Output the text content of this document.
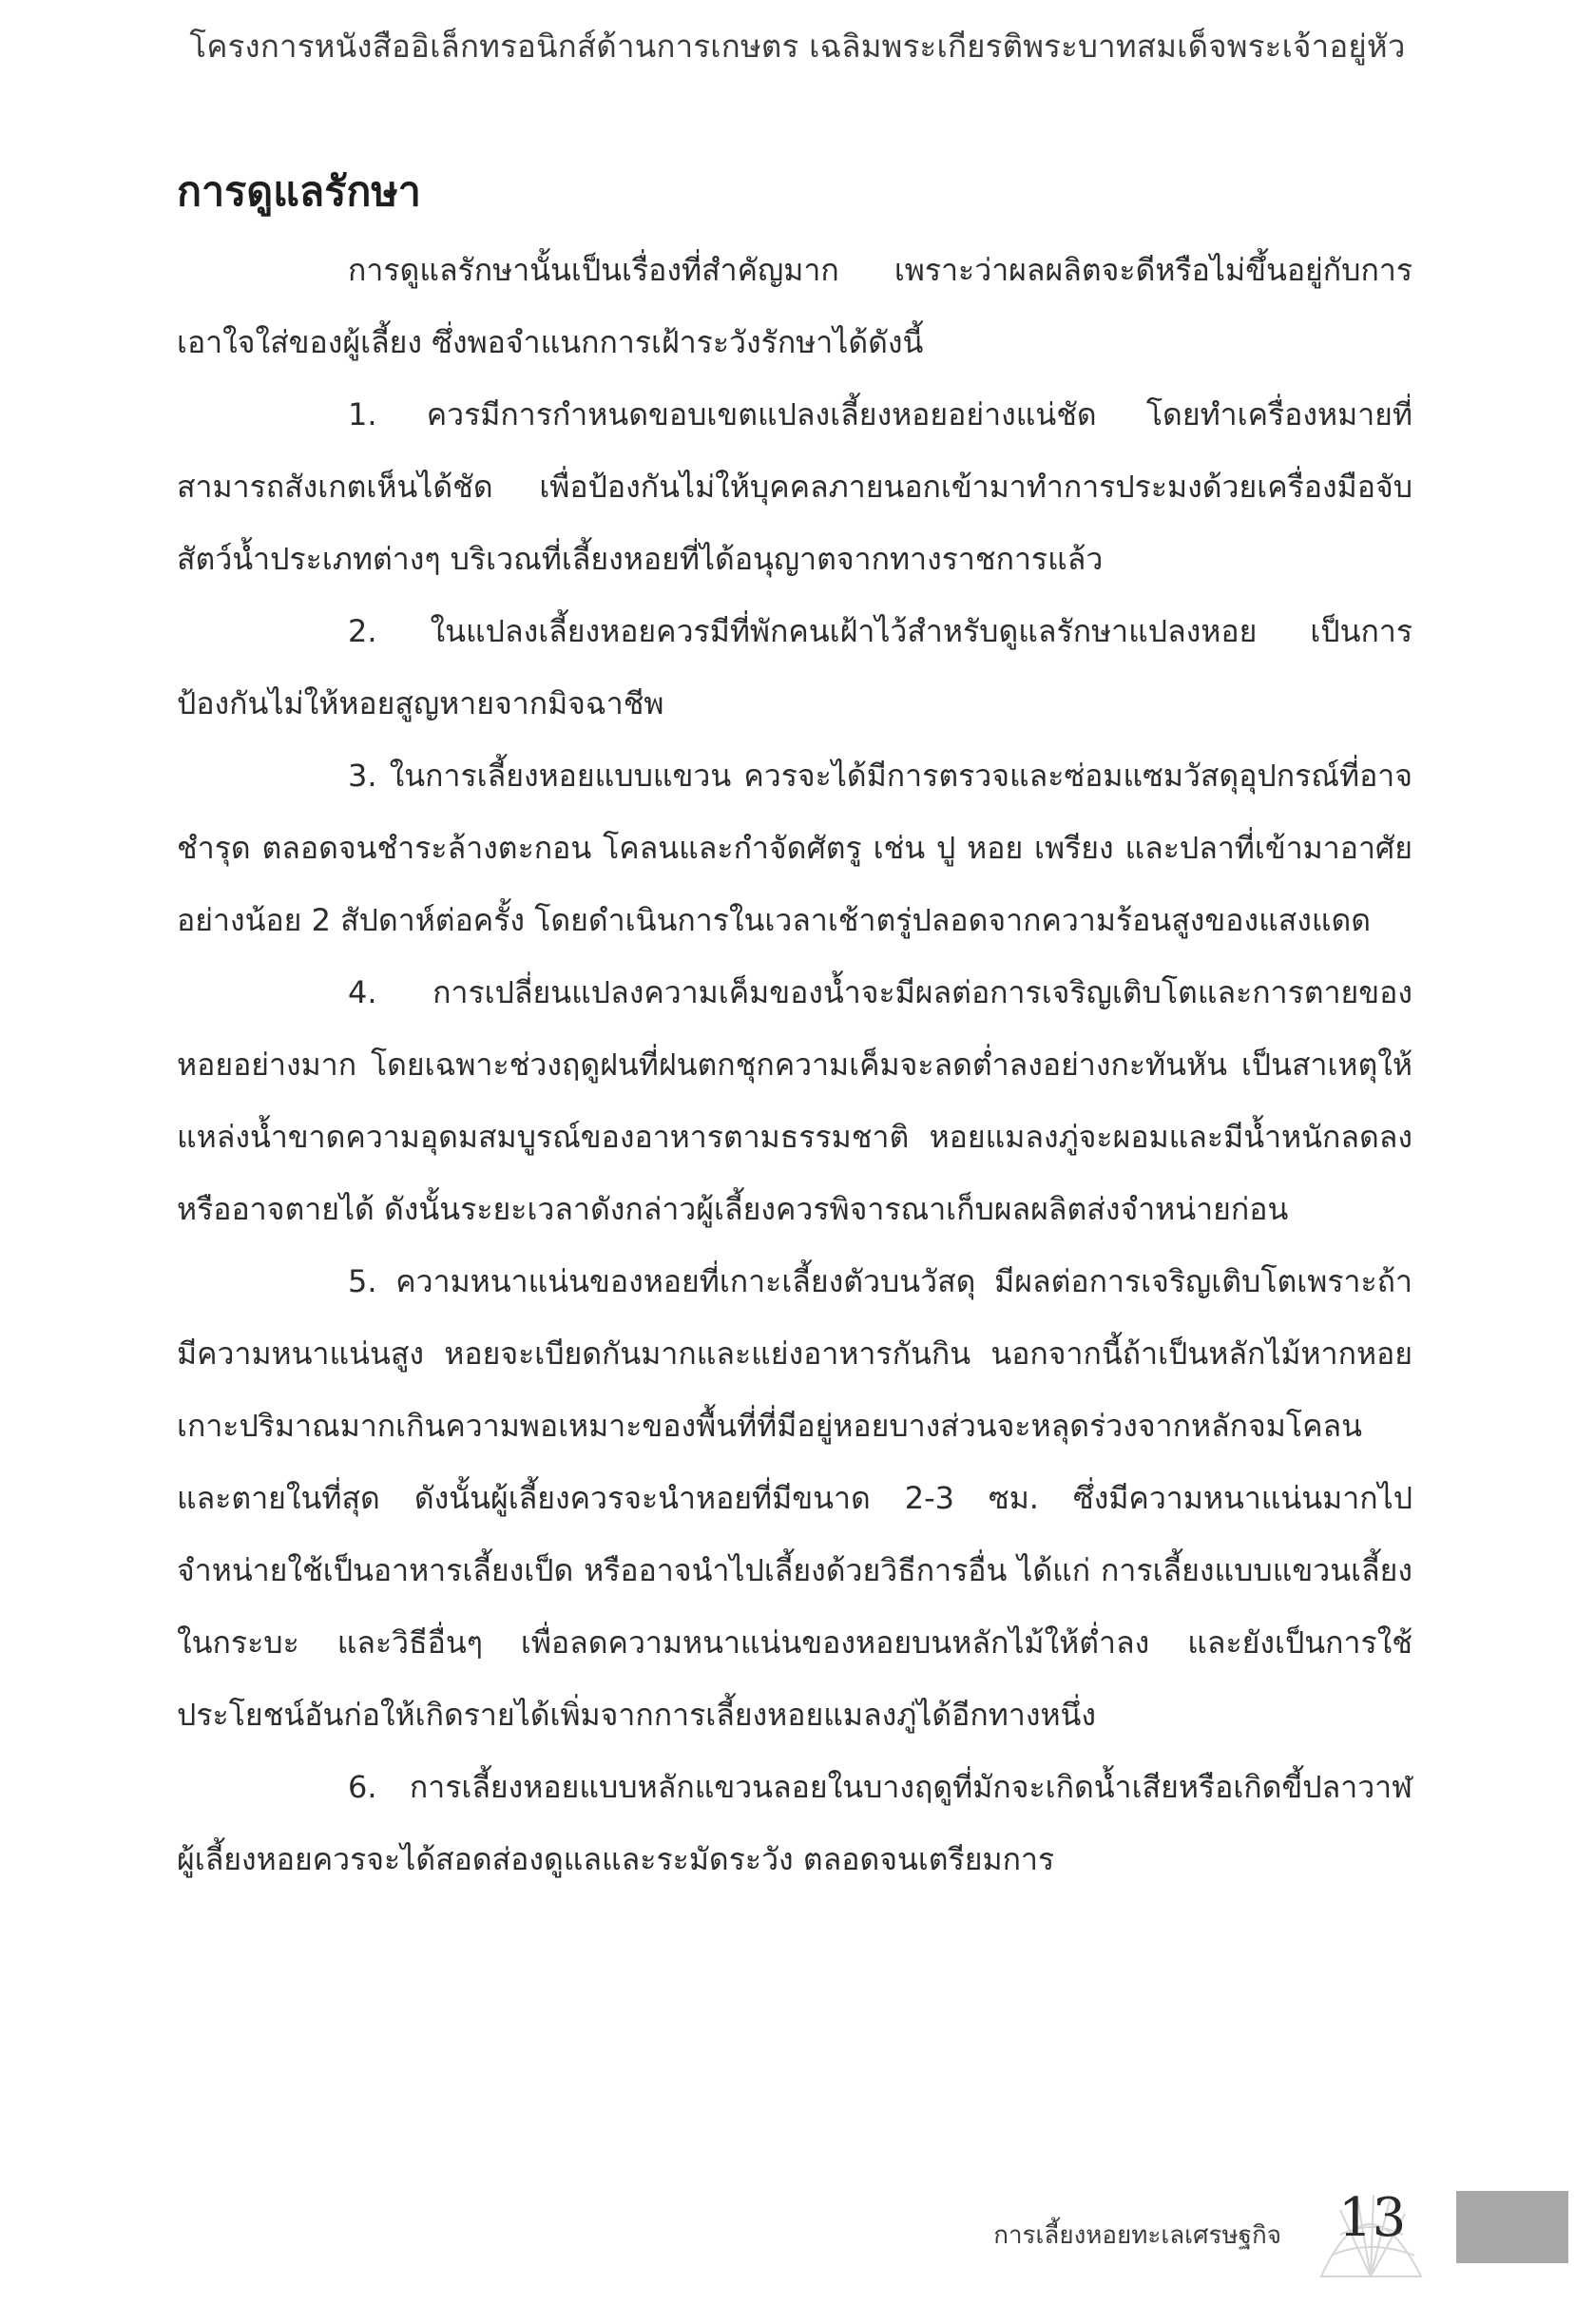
โครงการหนังสืออิเล็กทรอนิกส์ด้านการเกษตร เฉลิมพระเกียรติพระบาทสมเด็จพระเจ้าอยู่หัว
การดูแลรักษา

การดูแลรักษานั้นเป็นเรื่องที่สำคัญมาก เพราะว่าผลผลิตจะดีหรือไม่ขึ้นอยู่กับการเอาใจใส่ของผู้เลี้ยง ซึ่งพอจำแนกการเฝ้าระวังรักษาได้ดังนี้

1. ควรมีการกำหนดขอบเขตแปลงเลี้ยงหอยอย่างแน่ชัด โดยทำเครื่องหมายที่สามารถสังเกตเห็นได้ชัด เพื่อป้องกันไม่ให้บุคคลภายนอกเข้ามาทำการประมงด้วยเครื่องมือจับสัตว์น้ำประเภทต่างๆ บริเวณที่เลี้ยงหอยที่ได้อนุญาตจากทางราชการแล้ว

2. ในแปลงเลี้ยงหอยควรมีที่พักคนเฝ้าไว้สำหรับดูแลรักษาแปลงหอย เป็นการป้องกันไม่ให้หอยสูญหายจากมิจฉาชีพ

3. ในการเลี้ยงหอยแบบแขวน ควรจะได้มีการตรวจและซ่อมแซมวัสดุอุปกรณ์ที่อาจชำรุด ตลอดจนชำระล้างตะกอน โคลนและกำจัดศัตรู เช่น ปู หอย เพรียง และปลาที่เข้ามาอาศัยอย่างน้อย 2 สัปดาห์ต่อครั้ง โดยดำเนินการในเวลาเช้าตรู่ปลอดจากความร้อนสูงของแสงแดด

4. การเปลี่ยนแปลงความเค็มของน้ำจะมีผลต่อการเจริญเติบโตและการตายของหอยอย่างมาก โดยเฉพาะช่วงฤดูฝนที่ฝนตกชุกความเค็มจะลดต่ำลงอย่างกะทันหัน เป็นสาเหตุให้แหล่งน้ำขาดความอุดมสมบูรณ์ของอาหารตามธรรมชาติ หอยแมลงภู่จะผอมและมีน้ำหนักลดลงหรืออาจตายได้ ดังนั้นระยะเวลาดังกล่าวผู้เลี้ยงควรพิจารณาเก็บผลผลิตส่งจำหน่ายก่อน

5. ความหนาแน่นของหอยที่เกาะเลี้ยงตัวบนวัสดุ มีผลต่อการเจริญเติบโตเพราะถ้ามีความหนาแน่นสูง หอยจะเบียดกันมากและแย่งอาหารกันกิน นอกจากนี้ถ้าเป็นหลักไม้หากหอยเกาะปริมาณมากเกินความพอเหมาะของพื้นที่ที่มีอยู่หอยบางส่วนจะหลุดร่วงจากหลักจมโคลนและตายในที่สุด ดังนั้นผู้เลี้ยงควรจะนำหอยที่มีขนาด 2-3 ซม. ซึ่งมีความหนาแน่นมากไปจำหน่ายใช้เป็นอาหารเลี้ยงเป็ด หรืออาจนำไปเลี้ยงด้วยวิธีการอื่น ได้แก่ การเลี้ยงแบบแขวนเลี้ยงในกระบะ และวิธีอื่นๆ เพื่อลดความหนาแน่นของหอยบนหลักไม้ให้ต่ำลง และยังเป็นการใช้ประโยชน์อันก่อให้เกิดรายได้เพิ่มจากการเลี้ยงหอยแมลงภู่ได้อีกทางหนึ่ง

6. การเลี้ยงหอยแบบหลักแขวนลอยในบางฤดูที่มักจะเกิดน้ำเสียหรือเกิดขี้ปลาวาฬ ผู้เลี้ยงหอยควรจะได้สอดส่องดูแลและระมัดระวัง ตลอดจนเตรียมการ

การเลี้ยงหอยทะเลเศรษฐกิจ 13
